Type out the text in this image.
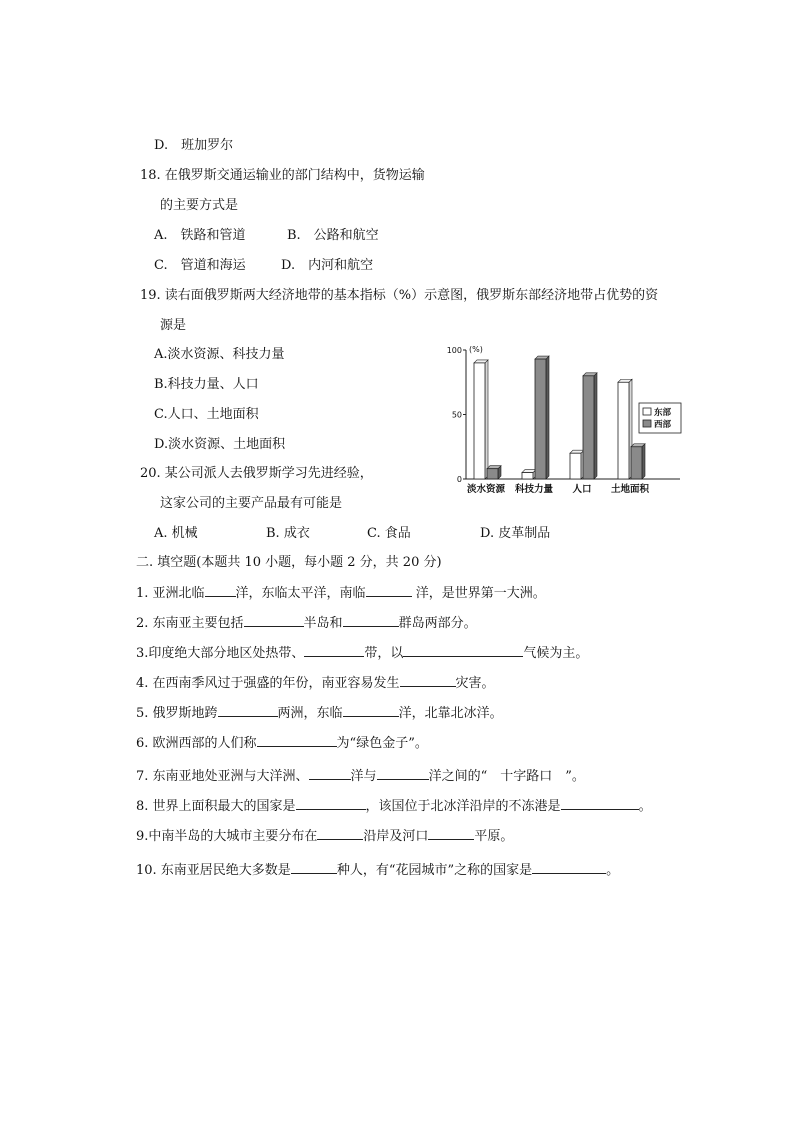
D.　班加罗尔
18. 在俄罗斯交通运输业的部门结构中，货物运输
的主要方式是
A.　铁路和管道	B.　公路和航空
C.　管道和海运	D.　内河和航空
19. 读右面俄罗斯两大经济地带的基本指标（%）示意图，俄罗斯东部经济地带占优势的资
源是
A.淡水资源、科技力量
B.科技力量、人口
C.人口、土地面积
D.淡水资源、土地面积
0
50
100 (%)
淡水资源 科技力量 人口 土地面积
东部
西部
20. 某公司派人去俄罗斯学习先进经验，
这家公司的主要产品最有可能是
A. 机械	B. 成衣	C. 食品	D. 皮革制品
二. 填空题(本题共 10 小题，每小题 2 分，共 20 分)
1. 亚洲北临 洋，东临太平洋，南临	洋，是世界第一大洲。
2. 东南亚主要包括	半岛和	群岛两部分。
3.印度绝大部分地区处热带、	带，以	气候为主。
4. 在西南季风过于强盛的年份，南亚容易发生	灾害。
5. 俄罗斯地跨	两洲，东临	洋，北靠北冰洋。
6. 欧洲西部的人们称	为“绿色金子”。
7. 东南亚地处亚洲与大洋洲、	洋与	洋之间的“　十字路口　”。
8. 世界上面积最大的国家是	，该国位于北冰洋沿岸的不冻港是	。
9.中南半岛的大城市主要分布在	沿岸及河口	平原。
10. 东南亚居民绝大多数是	种人，有“花园城市”之称的国家是	。
